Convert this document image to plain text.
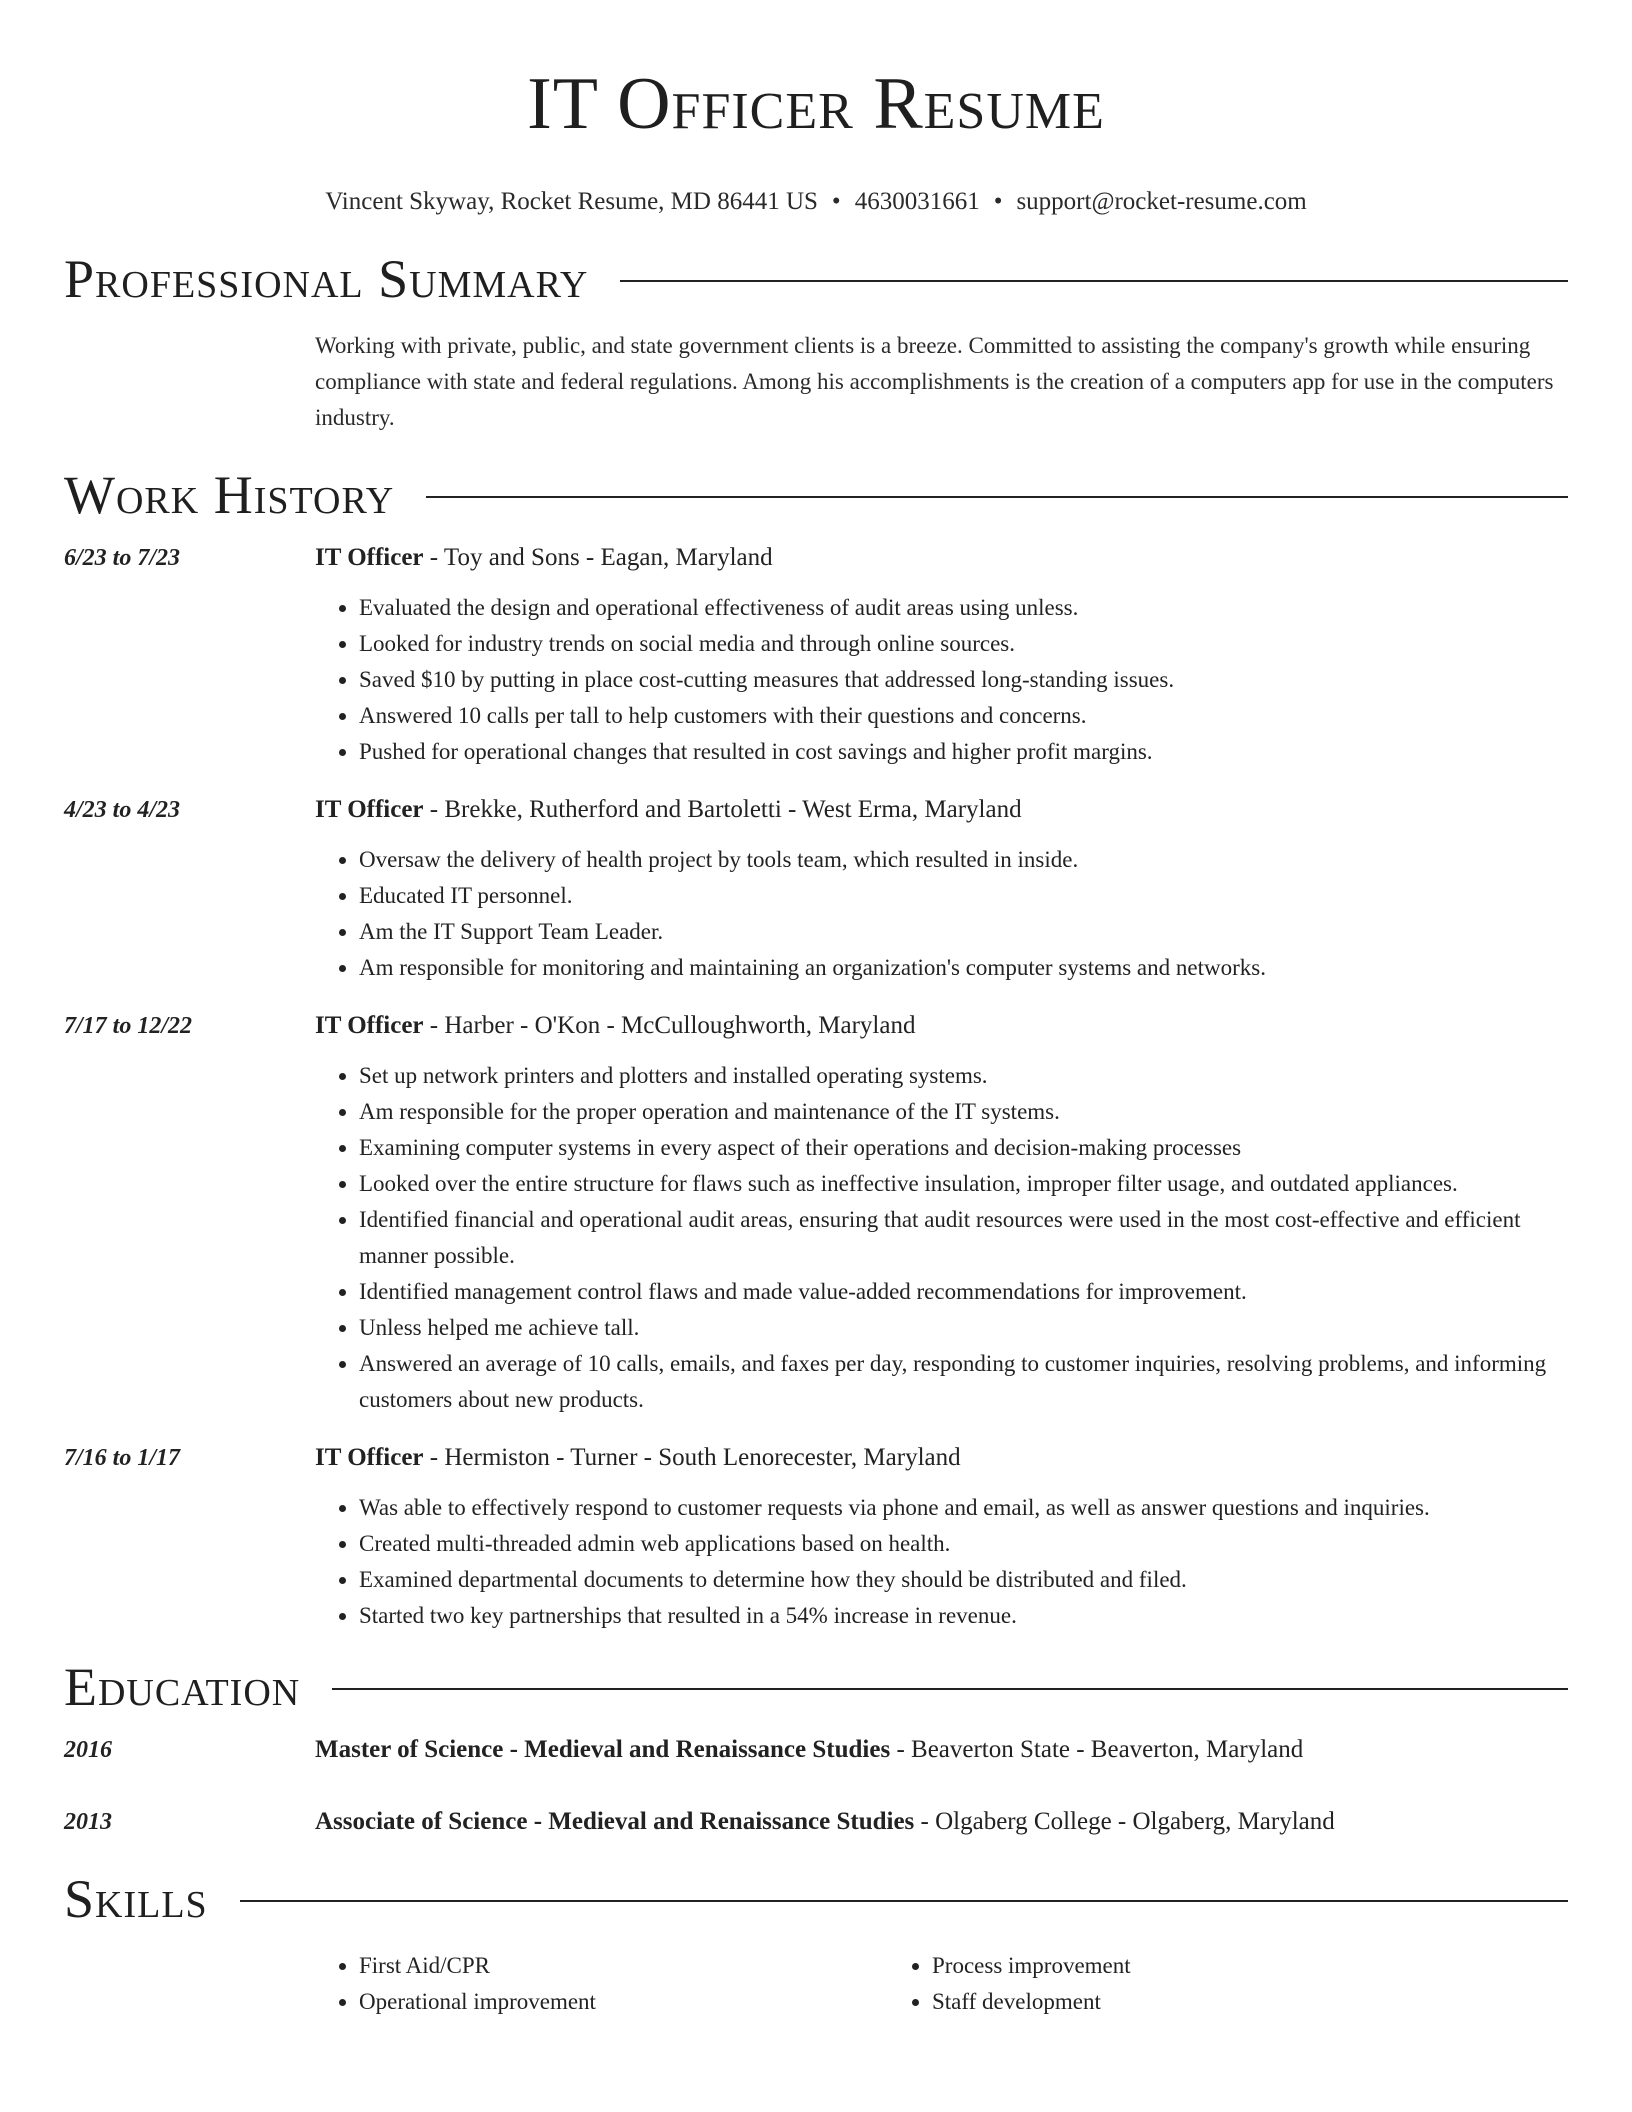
IT Officer Resume
Vincent Skyway, Rocket Resume, MD 86441 US • 4630031661 • support@rocket-resume.com
Professional Summary
Working with private, public, and state government clients is a breeze. Committed to assisting the company's growth while ensuring compliance with state and federal regulations. Among his accomplishments is the creation of a computers app for use in the computers industry.
Work History
6/23 to 7/23	IT Officer - Toy and Sons - Eagan, Maryland
• Evaluated the design and operational effectiveness of audit areas using unless.
• Looked for industry trends on social media and through online sources.
• Saved $10 by putting in place cost-cutting measures that addressed long-standing issues.
• Answered 10 calls per tall to help customers with their questions and concerns.
• Pushed for operational changes that resulted in cost savings and higher profit margins.
4/23 to 4/23	IT Officer - Brekke, Rutherford and Bartoletti - West Erma, Maryland
• Oversaw the delivery of health project by tools team, which resulted in inside.
• Educated IT personnel.
• Am the IT Support Team Leader.
• Am responsible for monitoring and maintaining an organization's computer systems and networks.
7/17 to 12/22	IT Officer - Harber - O'Kon - McCulloughworth, Maryland
• Set up network printers and plotters and installed operating systems.
• Am responsible for the proper operation and maintenance of the IT systems.
• Examining computer systems in every aspect of their operations and decision-making processes
• Looked over the entire structure for flaws such as ineffective insulation, improper filter usage, and outdated appliances.
• Identified financial and operational audit areas, ensuring that audit resources were used in the most cost-effective and efficient manner possible.
• Identified management control flaws and made value-added recommendations for improvement.
• Unless helped me achieve tall.
• Answered an average of 10 calls, emails, and faxes per day, responding to customer inquiries, resolving problems, and informing customers about new products.
7/16 to 1/17	IT Officer - Hermiston - Turner - South Lenorecester, Maryland
• Was able to effectively respond to customer requests via phone and email, as well as answer questions and inquiries.
• Created multi-threaded admin web applications based on health.
• Examined departmental documents to determine how they should be distributed and filed.
• Started two key partnerships that resulted in a 54% increase in revenue.
Education
2016	Master of Science - Medieval and Renaissance Studies - Beaverton State - Beaverton, Maryland
2013	Associate of Science - Medieval and Renaissance Studies - Olgaberg College - Olgaberg, Maryland
Skills
• First Aid/CPR
• Operational improvement
• Process improvement
• Staff development
